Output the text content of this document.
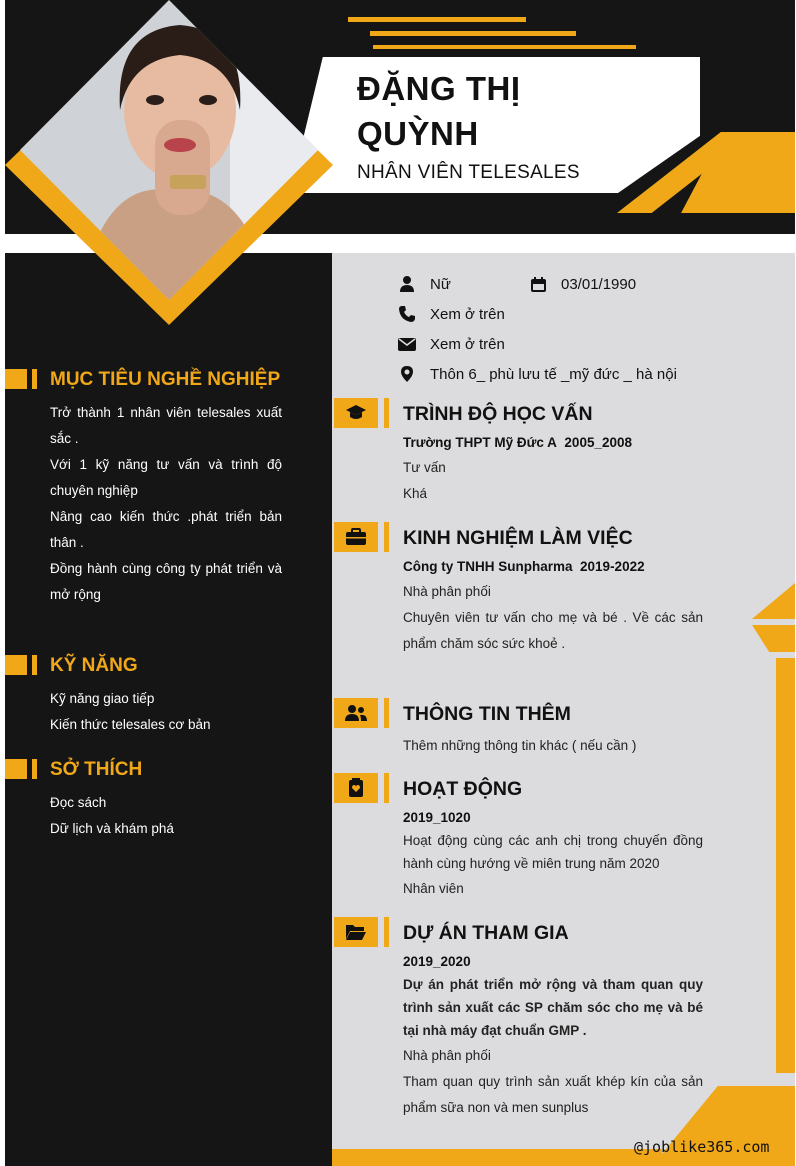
ĐẶNG THỊ
QUỲNH
NHÂN VIÊN TELESALES
Nữ	03/01/1990
Xem ở trên
Xem ở trên
Thôn 6_ phù lưu tế _mỹ đức _ hà nội
MỤC TIÊU NGHỀ NGHIỆP
Trở thành 1 nhân viên telesales xuất sắc .
Với 1 kỹ năng tư vấn và trình độ chuyên nghiệp
Nâng cao kiến thức .phát triển bản thân .
Đồng hành cùng công ty phát triển và mở rộng
KỸ NĂNG
Kỹ năng giao tiếp
Kiến thức telesales cơ bản
SỞ THÍCH
Đọc sách
Dữ lịch và khám phá
TRÌNH ĐỘ HỌC VẤN
Trường THPT Mỹ Đức A 2005_2008
Tư vấn
Khá
KINH NGHIỆM LÀM VIỆC
Công ty TNHH Sunpharma 2019-2022
Nhà phân phối
Chuyên viên tư vấn cho mẹ và bé . Về các sản phẩm chăm sóc sức khoẻ .
THÔNG TIN THÊM
Thêm những thông tin khác ( nếu cần )
HOẠT ĐỘNG
2019_1020
Hoạt động cùng các anh chị trong chuyến đồng hành cùng hướng về miên trung năm 2020
Nhân viên
DỰ ÁN THAM GIA
2019_2020
Dự án phát triển mở rộng và tham quan quy trình sản xuất các SP chăm sóc cho mẹ và bé tại nhà máy đạt chuẩn GMP .
Nhà phân phối
Tham quan quy trình sản xuất khép kín của sản phẩm sữa non và men sunplus
@joblike365.com
